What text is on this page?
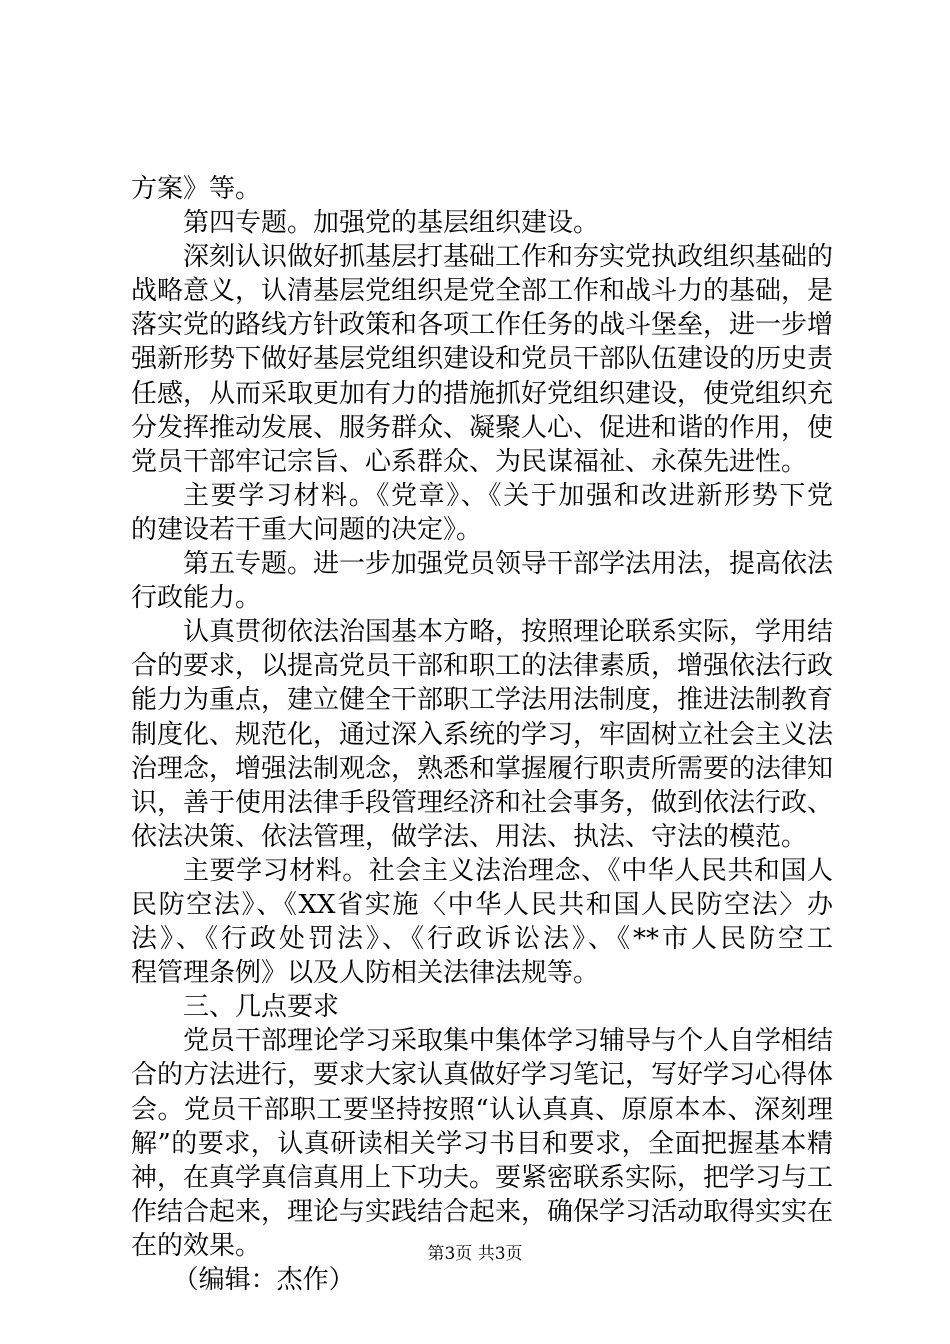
方案》等。
第四专题。加强党的基层组织建设。
深刻认识做好抓基层打基础工作和夯实党执政组织基础的
战略意义，认清基层党组织是党全部工作和战斗力的基础，是
落实党的路线方针政策和各项工作任务的战斗堡垒，进一步增
强新形势下做好基层党组织建设和党员干部队伍建设的历史责
任感，从而采取更加有力的措施抓好党组织建设，使党组织充
分发挥推动发展、服务群众、凝聚人心、促进和谐的作用，使
党员干部牢记宗旨、心系群众、为民谋福祉、永葆先进性。
主要学习材料。《党章》、《关于加强和改进新形势下党
的建设若干重大问题的决定》。
第五专题。进一步加强党员领导干部学法用法，提高依法
行政能力。
认真贯彻依法治国基本方略，按照理论联系实际，学用结
合的要求，以提高党员干部和职工的法律素质，增强依法行政
能力为重点，建立健全干部职工学法用法制度，推进法制教育
制度化、规范化，通过深入系统的学习，牢固树立社会主义法
治理念，增强法制观念，熟悉和掌握履行职责所需要的法律知
识，善于使用法律手段管理经济和社会事务，做到依法行政、
依法决策、依法管理，做学法、用法、执法、守法的模范。
主要学习材料。社会主义法治理念、《中华人民共和国人
民防空法》、《XX省实施〈中华人民共和国人民防空法〉办
法》、《行政处罚法》、《行政诉讼法》、《**市人民防空工
程管理条例》以及人防相关法律法规等。
三、几点要求
党员干部理论学习采取集中集体学习辅导与个人自学相结
合的方法进行，要求大家认真做好学习笔记，写好学习心得体
会。党员干部职工要坚持按照“认认真真、原原本本、深刻理
解”的要求，认真研读相关学习书目和要求，全面把握基本精
神，在真学真信真用上下功夫。要紧密联系实际，把学习与工
作结合起来，理论与实践结合起来，确保学习活动取得实实在
在的效果。
（编辑：杰作）
第3页 共3页
